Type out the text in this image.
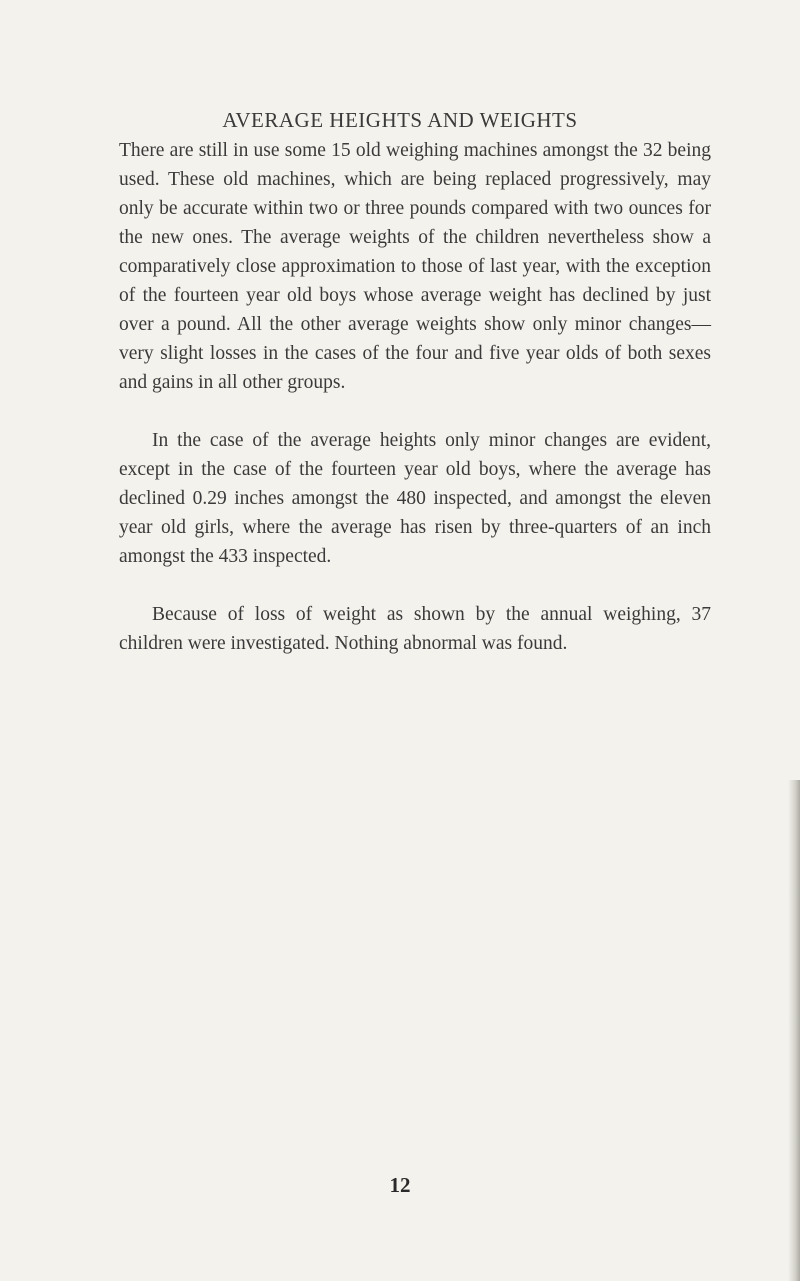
AVERAGE HEIGHTS AND WEIGHTS

There are still in use some 15 old weighing machines amongst the 32 being used. These old machines, which are being replaced progressively, may only be accurate within two or three pounds compared with two ounces for the new ones. The average weights of the children nevertheless show a comparatively close approximation to those of last year, with the exception of the fourteen year old boys whose average weight has declined by just over a pound. All the other average weights show only minor changes—very slight losses in the cases of the four and five year olds of both sexes and gains in all other groups.

In the case of the average heights only minor changes are evident, except in the case of the fourteen year old boys, where the average has declined 0.29 inches amongst the 480 inspected, and amongst the eleven year old girls, where the average has risen by three-quarters of an inch amongst the 433 inspected.

Because of loss of weight as shown by the annual weighing, 37 children were investigated. Nothing abnormal was found.

12
